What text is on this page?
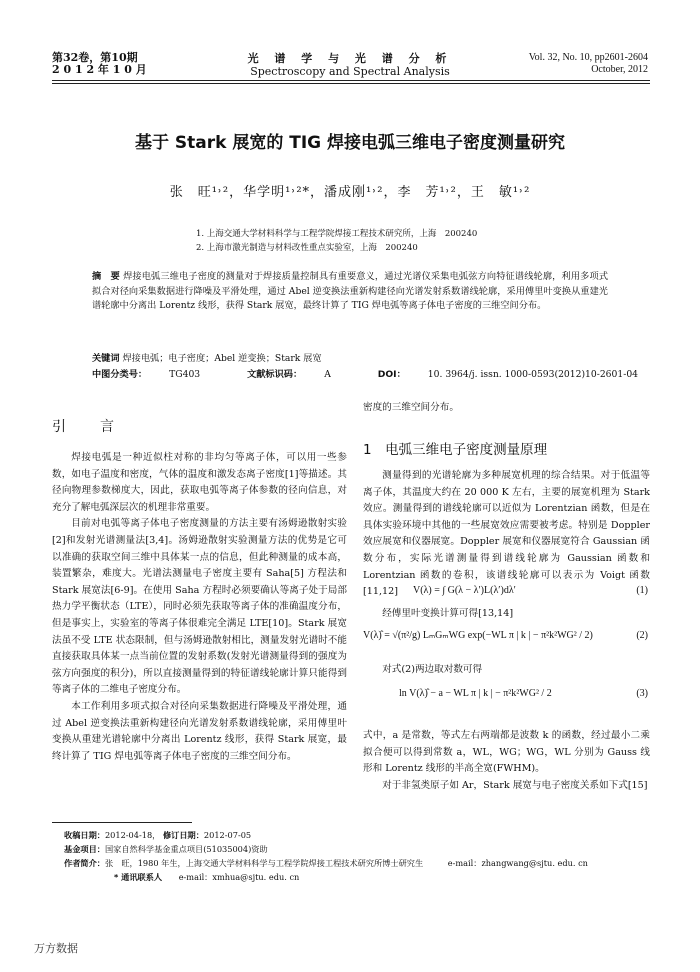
第32卷，第10期
2 0 1 2 年 1 0 月
光 谱 学 与 光 谱 分 析
Spectroscopy and Spectral Analysis
Vol. 32, No. 10, pp2601-2604
October, 2012
基于 Stark 展宽的 TIG 焊接电弧三维电子密度测量研究
张　旺¹˒²，华学明¹˒²*，潘成刚¹˒²，李　芳¹˒²，王　敏¹˒²
1. 上海交通大学材料科学与工程学院焊接工程技术研究所，上海　200240
2. 上海市激光制造与材料改性重点实验室，上海　200240
摘　要 焊接电弧三维电子密度的测量对于焊接质量控制具有重要意义，通过光谱仪采集电弧弦方向特征谱线轮廓，利用多项式拟合对径向采集数据进行降噪及平滑处理，通过 Abel 逆变换法重新构建径向光谱发射系数谱线轮廓，采用傅里叶变换从重建光谱轮廓中分离出 Lorentz 线形，获得 Stark 展宽，最终计算了 TIG 焊电弧等离子体电子密度的三维空间分布。
关键词 焊接电弧；电子密度；Abel 逆变换；Stark 展宽
中图分类号： TG403	文献标识码： A	DOI： 10. 3964/j. issn. 1000-0593(2012)10-2601-04
引　言

焊接电弧是一种近似柱对称的非均匀等离子体，可以用一些参数，如电子温度和密度，气体的温度和激发态离子密度[1]等描述。其径向物理参数梯度大，因此，获取电弧等离子体参数的径向信息，对充分了解电弧深层次的机理非常重要。

目前对电弧等离子体电子密度测量的方法主要有汤姆逊散射实验[2]和发射光谱测量法[3,4]。汤姆逊散射实验测量方法的优势是它可以准确的获取空间三维中具体某一点的信息，但此种测量的成本高，装置繁杂，难度大。光谱法测量电子密度主要有 Saha[5] 方程法和 Stark 展宽法[6-9]。在使用 Saha 方程时必须要确认等离子处于局部热力学平衡状态（LTE），同时必须先获取等离子体的准确温度分布，但是事实上，实验室的等离子体很难完全满足 LTE[10]。Stark 展宽法虽不受 LTE 状态限制，但与汤姆逊散射相比，测量发射光谱时不能直接获取具体某一点当前位置的发射系数(发射光谱测量得到的强度为弦方向强度的积分)，所以直接测量得到的特征谱线轮廓计算只能得到等离子体的二维电子密度分布。

本工作利用多项式拟合对径向采集数据进行降噪及平滑处理，通过 Abel 逆变换法重新构建径向光谱发射系数谱线轮廓，采用傅里叶变换从重建光谱轮廓中分离出 Lorentz 线形，获得 Stark 展宽，最终计算了 TIG 焊电弧等离子体电子密度的三维空间分布。

密度的三维空间分布。
1　电弧三维电子密度测量原理

测量得到的光谱轮廓为多种展宽机理的综合结果。对于低温等离子体，其温度大约在 20 000 K 左右，主要的展宽机理为 Stark 效应。测量得到的谱线轮廓可以近似为 Lorentzian 函数，但是在具体实验环境中其他的一些展宽效应需要被考虑。特别是 Doppler 效应展宽和仪器展宽。Doppler 展宽和仪器展宽符合 Gaussian 函数分布，实际光谱测量得到谱线轮廓为 Gaussian 函数和 Lorentzian 函数的卷积，该谱线轮廓可以表示为 Voigt 函数[11,12]	V(λ) = ∫ G(λ − λ′)L(λ′)dλ′	(1)

经傅里叶变换计算可得[13,14]

V(λ)̂ = √(π²/g) LₘGₘWG exp(−WL π | k | − π²k²WG² / 2)	(2)

对式(2)两边取对数可得

ln V(λ)̂ − a − WL π | k | − π²k²WG² / 2	(3)

式中，a 是常数，等式左右两端都是波数 k 的函数，经过最小二乘拟合便可以得到常数 a，WL，WG；WG，WL 分别为 Gauss 线形和 Lorentz 线形的半高全宽(FWHM)。

对于非氢类原子如 Ar，Stark 展宽与电子密度关系如下式[15]

收稿日期：2012-04-18， 修订日期：2012-07-05
基金项目：国家自然科学基金重点项目(51035004)资助
作者简介：张　旺，1980 年生，上海交通大学材料科学与工程学院焊接工程技术研究所博士研究生	e-mail：zhangwang@sjtu. edu. cn
* 通讯联系人 e-mail：xmhua@sjtu. edu. cn
万方数据
